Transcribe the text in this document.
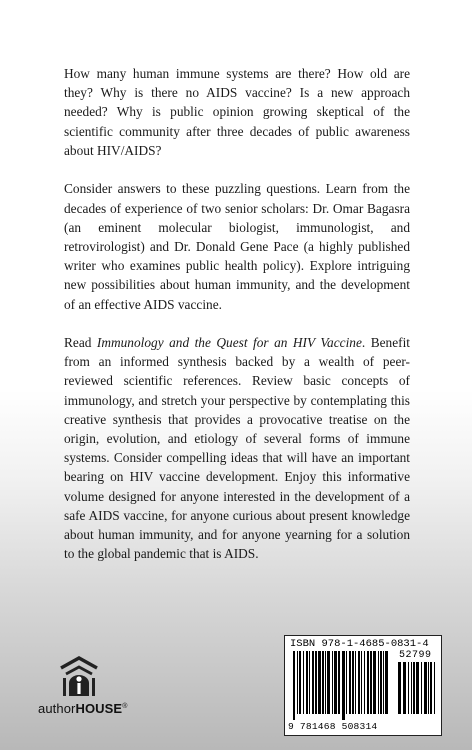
How many human immune systems are there? How old are they? Why is there no AIDS vaccine? Is a new approach needed? Why is public opinion growing skeptical of the scientific community after three decades of public awareness about HIV/AIDS?

Consider answers to these puzzling questions. Learn from the decades of experience of two senior scholars: Dr. Omar Bagasra (an eminent molecular biologist, immunologist, and retrovirologist) and Dr. Donald Gene Pace (a highly published writer who examines public health policy). Explore intriguing new possibilities about human immunity, and the development of an effective AIDS vaccine.

Read Immunology and the Quest for an HIV Vaccine. Benefit from an informed synthesis backed by a wealth of peer-reviewed scientific references. Review basic concepts of immunology, and stretch your perspective by contemplating this creative synthesis that provides a provocative treatise on the origin, evolution, and etiology of several forms of immune systems. Consider compelling ideas that will have an important bearing on HIV vaccine development. Enjoy this informative volume designed for anyone interested in the development of a safe AIDS vaccine, for anyone curious about present knowledge about human immunity, and for anyone yearning for a solution to the global pandemic that is AIDS.

authorHOUSE®
ISBN 978-1-4685-0831-4
52799
9 781468 508314
